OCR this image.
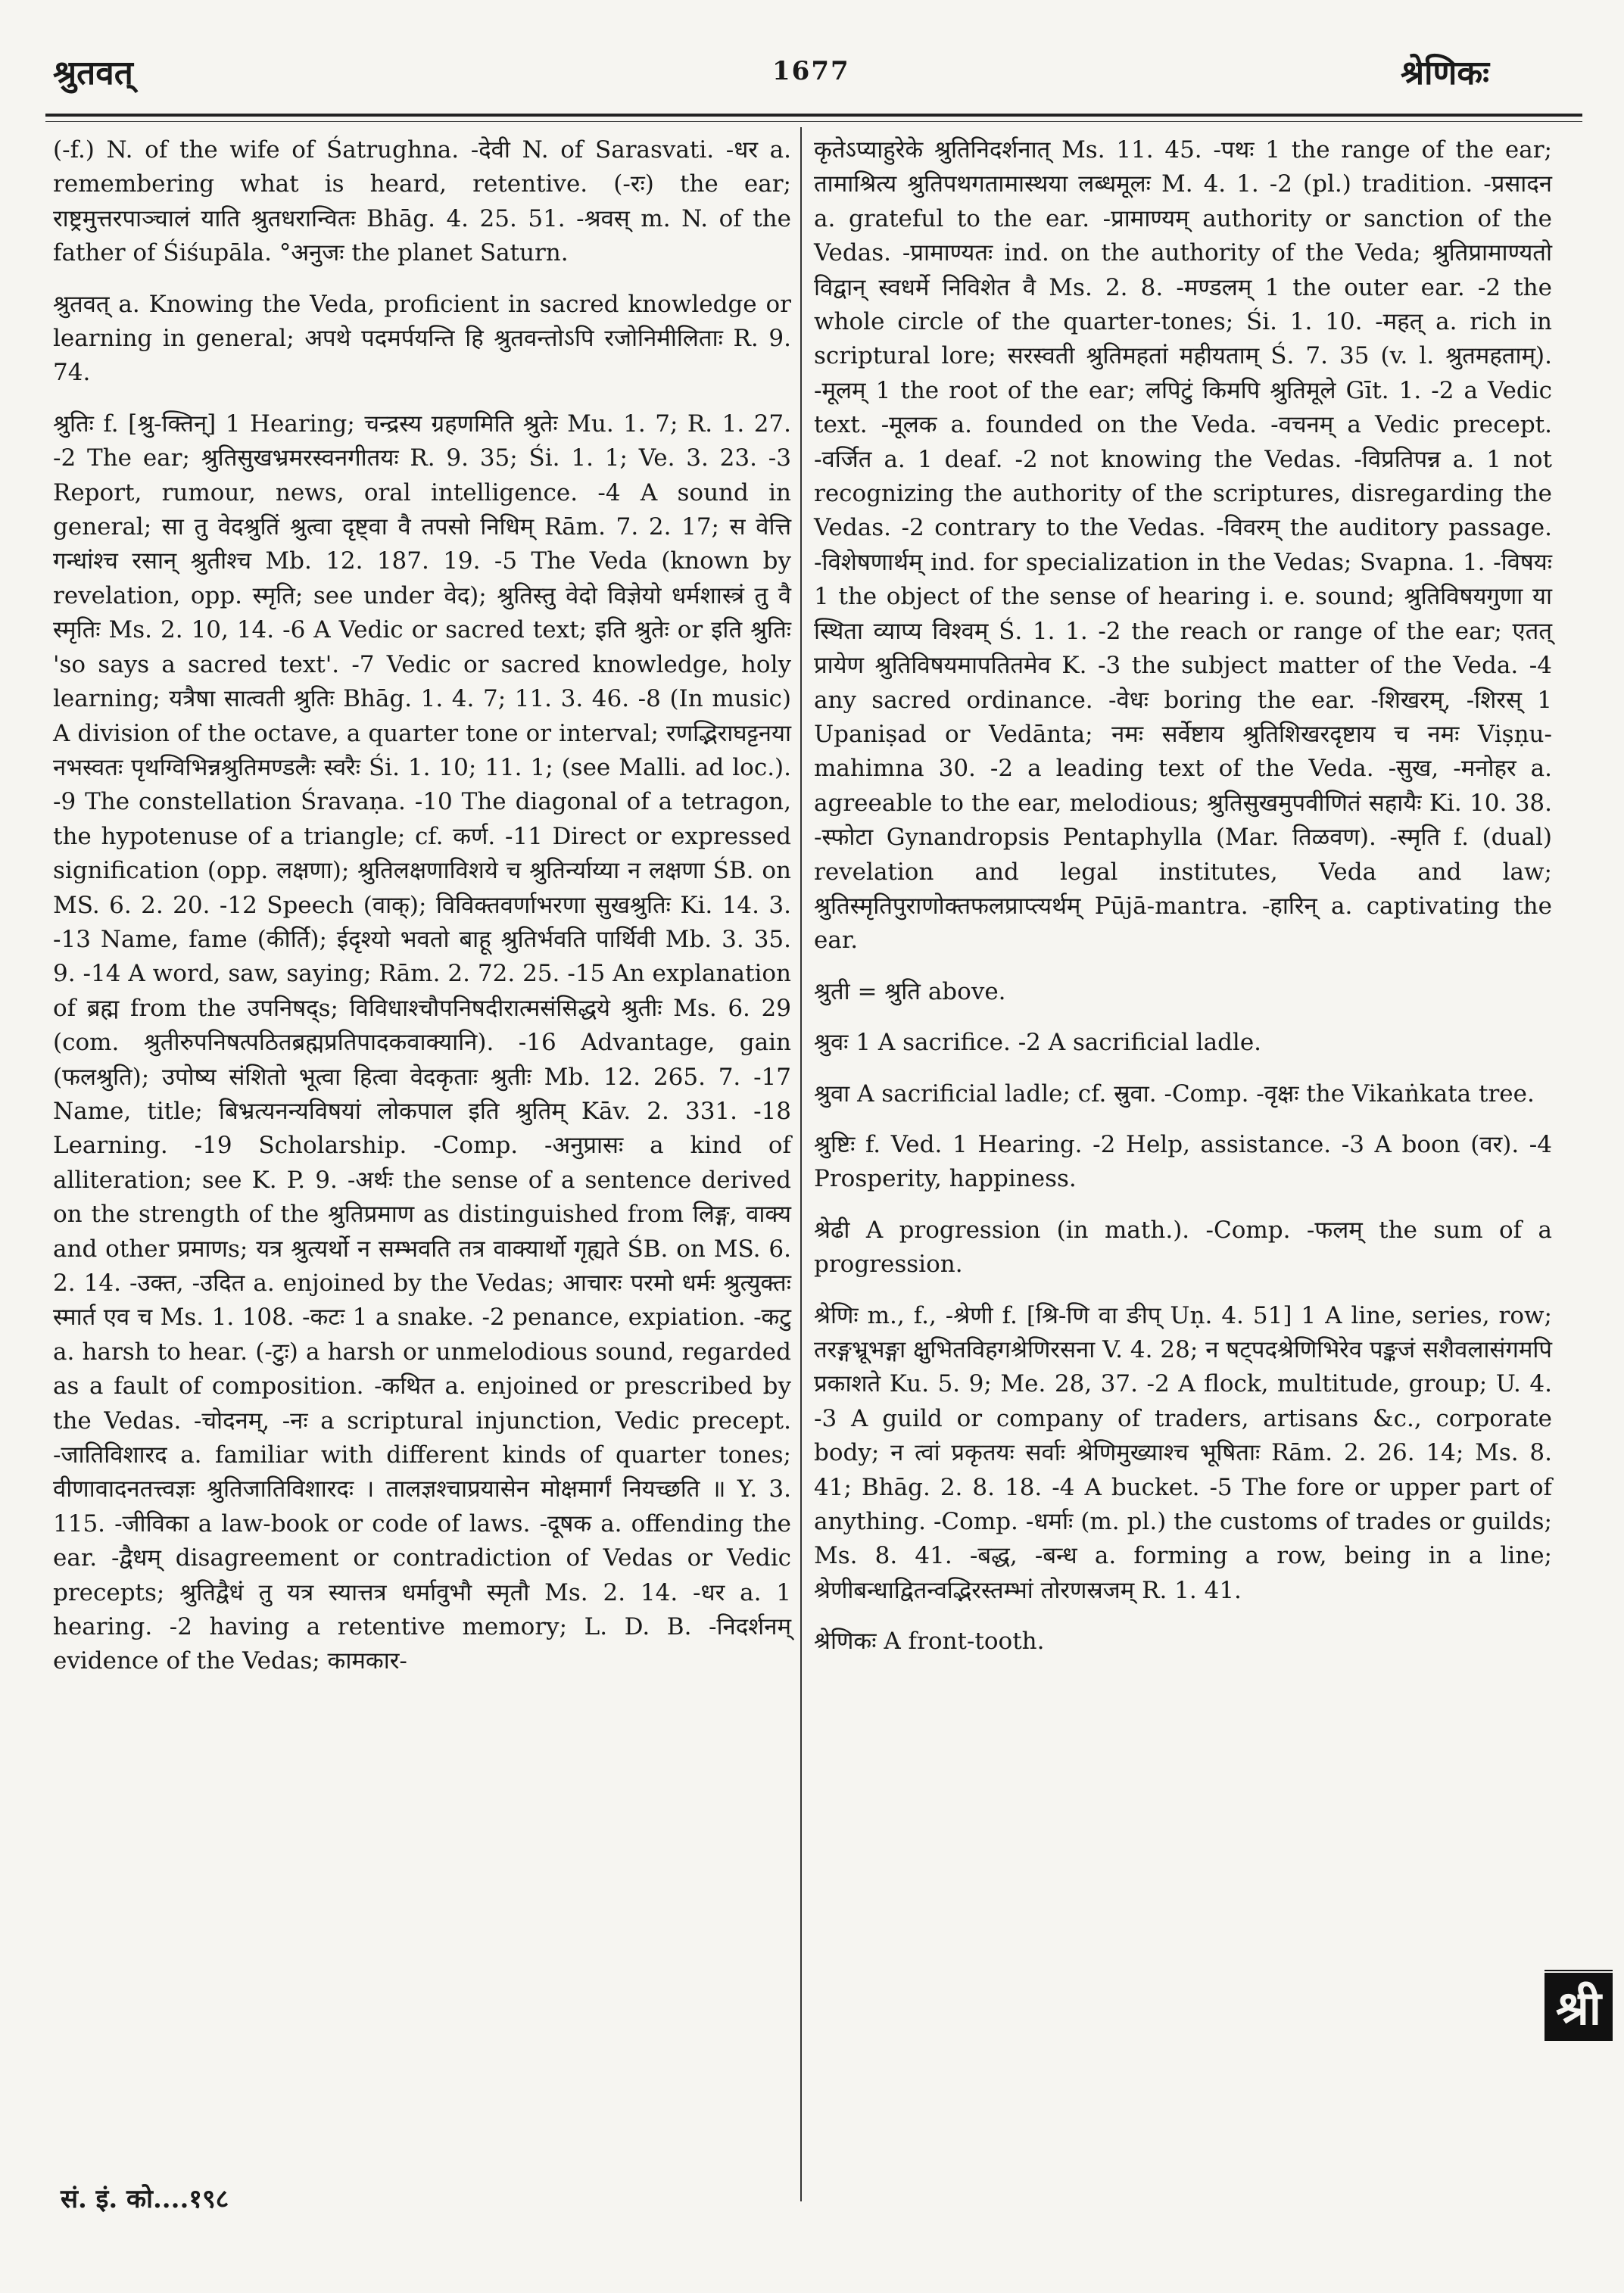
श्रुतवत्	1677	श्रेणिकः

(-f.) N. of the wife of Śatrughna. -देवी N. of Sarasvati. -धर a. remembering what is heard, retentive. (-रः) the ear; राष्ट्रमुत्तरपाञ्चालं याति श्रुतधरान्वितः Bhāg. 4. 25. 51. -श्रवस् m. N. of the father of Śiśupāla. °अनुजः the planet Saturn.

श्रुतवत् a. Knowing the Veda, proficient in sacred knowledge or learning in general; अपथे पदमर्पयन्ति हि श्रुतवन्तोऽपि रजोनिमीलिताः R. 9. 74.

श्रुतिः f. [श्रु-क्तिन्] 1 Hearing; चन्द्रस्य ग्रहणमिति श्रुतेः Mu. 1. 7; R. 1. 27. -2 The ear; श्रुतिसुखभ्रमरस्वनगीतयः R. 9. 35; Śi. 1. 1; Ve. 3. 23. -3 Report, rumour, news, oral intelligence. -4 A sound in general; सा तु वेदश्रुतिं श्रुत्वा दृष्ट्वा वै तपसो निधिम् Rām. 7. 2. 17; स वेत्ति गन्धांश्च रसान् श्रुतीश्च Mb. 12. 187. 19. -5 The Veda (known by revelation, opp. स्मृति; see under वेद); श्रुतिस्तु वेदो विज्ञेयो धर्मशास्त्रं तु वै स्मृतिः Ms. 2. 10, 14. -6 A Vedic or sacred text; इति श्रुतेः or इति श्रुतिः 'so says a sacred text'. -7 Vedic or sacred knowledge, holy learning; यत्रैषा सात्वती श्रुतिः Bhāg. 1. 4. 7; 11. 3. 46. -8 (In music) A division of the octave, a quarter tone or interval; रणद्भिराघट्टनया नभस्वतः पृथग्विभिन्नश्रुतिमण्डलैः स्वरैः Śi. 1. 10; 11. 1; (see Malli. ad loc.). -9 The constellation Śravaṇa. -10 The diagonal of a tetragon, the hypotenuse of a triangle; cf. कर्ण. -11 Direct or expressed signification (opp. लक्षणा); श्रुतिलक्षणाविशये च श्रुतिर्न्याय्या न लक्षणा ŚB. on MS. 6. 2. 20. -12 Speech (वाक्); विविक्तवर्णाभरणा सुखश्रुतिः Ki. 14. 3. -13 Name, fame (कीर्ति); ईदृश्यो भवतो बाहू श्रुतिर्भवति पार्थिवी Mb. 3. 35. 9. -14 A word, saw, saying; Rām. 2. 72. 25. -15 An explanation of ब्रह्म from the उपनिषद्s; विविधाश्चौपनिषदीरात्मसंसिद्धये श्रुतीः Ms. 6. 29 (com. श्रुतीरुपनिषत्पठितब्रह्मप्रतिपादकवाक्यानि). -16 Advantage, gain (फलश्रुति); उपोष्य संशितो भूत्वा हित्वा वेदकृताः श्रुतीः Mb. 12. 265. 7. -17 Name, title; बिभ्रत्यनन्यविषयां लोकपाल इति श्रुतिम् Kāv. 2. 331. -18 Learning. -19 Scholarship. -Comp. -अनुप्रासः a kind of alliteration; see K. P. 9. -अर्थः the sense of a sentence derived on the strength of the श्रुतिप्रमाण as distinguished from लिङ्ग, वाक्य and other प्रमाणs; यत्र श्रुत्यर्थो न सम्भवति तत्र वाक्यार्थो गृह्यते ŚB. on MS. 6. 2. 14. -उक्त, -उदित a. enjoined by the Vedas; आचारः परमो धर्मः श्रुत्युक्तः स्मार्त एव च Ms. 1. 108. -कटः 1 a snake. -2 penance, expiation. -कटु a. harsh to hear. (-टुः) a harsh or unmelodious sound, regarded as a fault of composition. -कथित a. enjoined or prescribed by the Vedas. -चोदनम्, -नः a scriptural injunction, Vedic precept. -जातिविशारद a. familiar with different kinds of quarter tones; वीणावादनतत्त्वज्ञः श्रुतिजातिविशारदः । तालज्ञश्चाप्रयासेन मोक्षमार्गं नियच्छति ॥ Y. 3. 115. -जीविका a law-book or code of laws. -दूषक a. offending the ear. -द्वैधम् disagreement or contradiction of Vedas or Vedic precepts; श्रुतिद्वैधं तु यत्र स्यात्तत्र धर्मावुभौ स्मृतौ Ms. 2. 14. -धर a. 1 hearing. -2 having a retentive memory; L. D. B. -निदर्शनम् evidence of the Vedas; कामकार-

कृतेऽप्याहुरेके श्रुतिनिदर्शनात् Ms. 11. 45. -पथः 1 the range of the ear; तामाश्रित्य श्रुतिपथगतामास्थया लब्धमूलः M. 4. 1. -2 (pl.) tradition. -प्रसादन a. grateful to the ear. -प्रामाण्यम् authority or sanction of the Vedas. -प्रामाण्यतः ind. on the authority of the Veda; श्रुतिप्रामाण्यतो विद्वान् स्वधर्मे निविशेत वै Ms. 2. 8. -मण्डलम् 1 the outer ear. -2 the whole circle of the quarter-tones; Śi. 1. 10. -महत् a. rich in scriptural lore; सरस्वती श्रुतिमहतां महीयताम् Ś. 7. 35 (v. l. श्रुतमहताम्). -मूलम् 1 the root of the ear; लपिटुं किमपि श्रुतिमूले Gīt. 1. -2 a Vedic text. -मूलक a. founded on the Veda. -वचनम् a Vedic precept. -वर्जित a. 1 deaf. -2 not knowing the Vedas. -विप्रतिपन्न a. 1 not recognizing the authority of the scriptures, disregarding the Vedas. -2 contrary to the Vedas. -विवरम् the auditory passage. -विशेषणार्थम् ind. for specialization in the Vedas; Svapna. 1. -विषयः 1 the object of the sense of hearing i. e. sound; श्रुतिविषयगुणा या स्थिता व्याप्य विश्वम् Ś. 1. 1. -2 the reach or range of the ear; एतत् प्रायेण श्रुतिविषयमापतितमेव K. -3 the subject matter of the Veda. -4 any sacred ordinance. -वेधः boring the ear. -शिखरम्, -शिरस् 1 Upaniṣad or Vedānta; नमः सर्वेष्टाय श्रुतिशिखरदृष्टाय च नमः Viṣṇu-mahimna 30. -2 a leading text of the Veda. -सुख, -मनोहर a. agreeable to the ear, melodious; श्रुतिसुखमुपवीणितं सहायैः Ki. 10. 38. -स्फोटा Gynandropsis Pentaphylla (Mar. तिळवण). -स्मृति f. (dual) revelation and legal institutes, Veda and law; श्रुतिस्मृतिपुराणोक्तफलप्राप्त्यर्थम् Pūjā-mantra. -हारिन् a. captivating the ear.

श्रुती = श्रुति above.

श्रुवः 1 A sacrifice. -2 A sacrificial ladle.

श्रुवा A sacrificial ladle; cf. स्रुवा. -Comp. -वृक्षः the Vikaṅkata tree.

श्रुष्टिः f. Ved. 1 Hearing. -2 Help, assistance. -3 A boon (वर). -4 Prosperity, happiness.

श्रेढी A progression (in math.). -Comp. -फलम् the sum of a progression.

श्रेणिः m., f., -श्रेणी f. [श्रि-णि वा ङीप् Uṇ. 4. 51] 1 A line, series, row; तरङ्गभ्रूभङ्गा क्षुभितविहगश्रेणिरसना V. 4. 28; न षट्पदश्रेणिभिरेव पङ्कजं सशैवलासंगमपि प्रकाशते Ku. 5. 9; Me. 28, 37. -2 A flock, multitude, group; U. 4. -3 A guild or company of traders, artisans &c., corporate body; न त्वां प्रकृतयः सर्वाः श्रेणिमुख्याश्च भूषिताः Rām. 2. 26. 14; Ms. 8. 41; Bhāg. 2. 8. 18. -4 A bucket. -5 The fore or upper part of anything. -Comp. -धर्माः (m. pl.) the customs of trades or guilds; Ms. 8. 41. -बद्ध, -बन्ध a. forming a row, being in a line; श्रेणीबन्धाद्वितन्वद्भिरस्तम्भां तोरणस्रजम् R. 1. 41.

श्रेणिकः A front-tooth.

श्री
सं. इं. को....१९८
